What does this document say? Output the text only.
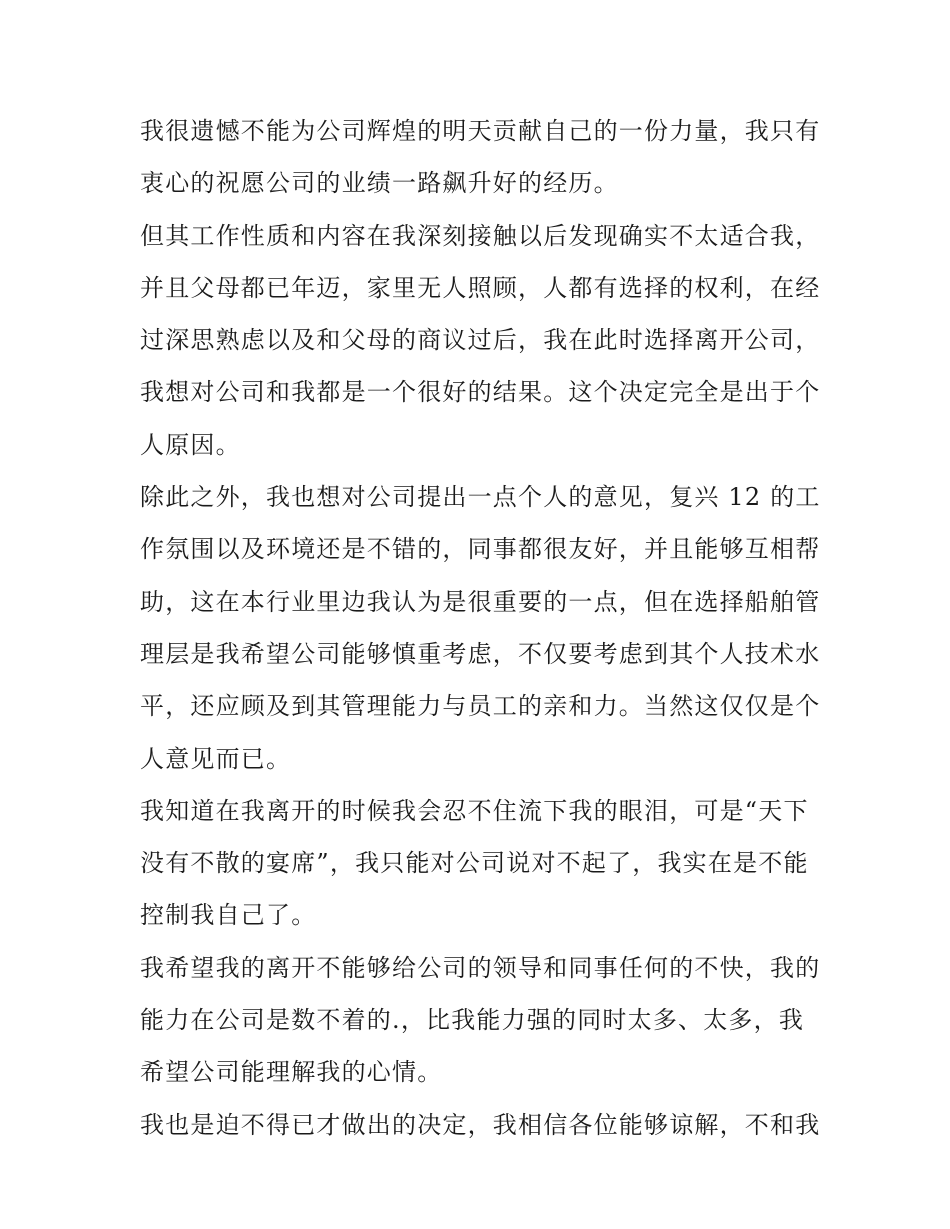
我很遗憾不能为公司辉煌的明天贡献自己的一份力量，我只有
衷心的祝愿公司的业绩一路飙升好的经历。
但其工作性质和内容在我深刻接触以后发现确实不太适合我，
并且父母都已年迈，家里无人照顾，人都有选择的权利，在经
过深思熟虑以及和父母的商议过后，我在此时选择离开公司，
我想对公司和我都是一个很好的结果。这个决定完全是出于个
人原因。
除此之外，我也想对公司提出一点个人的意见，复兴 12 的工
作氛围以及环境还是不错的，同事都很友好，并且能够互相帮
助，这在本行业里边我认为是很重要的一点，但在选择船舶管
理层是我希望公司能够慎重考虑，不仅要考虑到其个人技术水
平，还应顾及到其管理能力与员工的亲和力。当然这仅仅是个
人意见而已。
我知道在我离开的时候我会忍不住流下我的眼泪，可是“天下
没有不散的宴席”，我只能对公司说对不起了，我实在是不能
控制我自己了。
我希望我的离开不能够给公司的领导和同事任何的不快，我的
能力在公司是数不着的.，比我能力强的同时太多、太多，我
希望公司能理解我的心情。
我也是迫不得已才做出的决定，我相信各位能够谅解，不和我
